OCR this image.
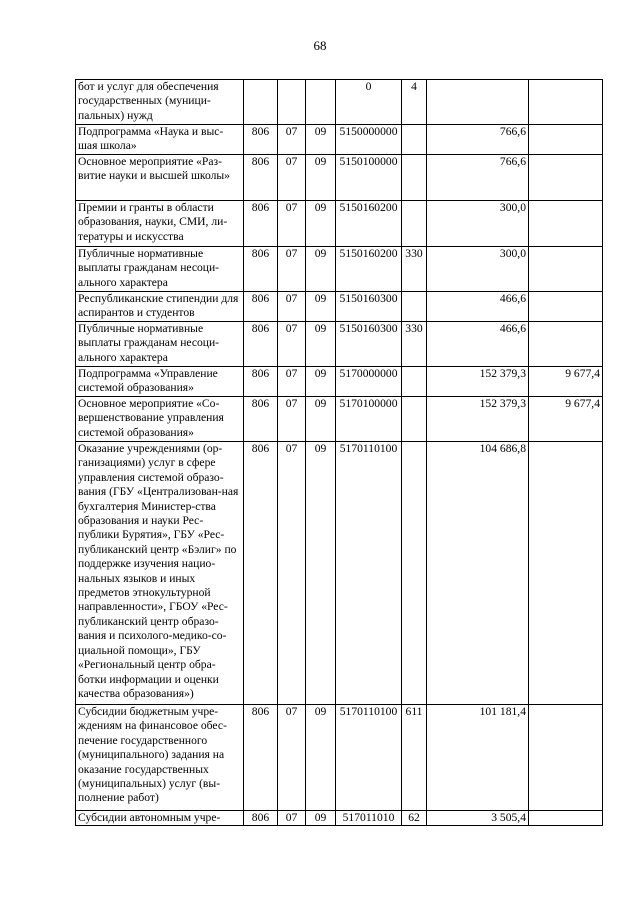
68
бот и услуг для обеспечения государственных (муници-пальных) нужд				0	4		
Подпрограмма «Наука и выс-шая школа»	806	07	09	5150000000		766,6	
Основное мероприятие «Раз-витие науки и высшей школы»	806	07	09	5150100000		766,6	
Премии и гранты в области образования, науки, СМИ, ли-тературы и искусства	806	07	09	5150160200		300,0	
Публичные нормативные выплаты гражданам несоци-ального характера	806	07	09	5150160200	330	300,0	
Республиканские стипендии для аспирантов и студентов	806	07	09	5150160300		466,6	
Публичные нормативные выплаты гражданам несоци-ального характера	806	07	09	5150160300	330	466,6	
Подпрограмма «Управление системой образования»	806	07	09	5170000000		152 379,3	9 677,4
Основное мероприятие «Со-вершенствование управления системой образования»	806	07	09	5170100000		152 379,3	9 677,4
Оказание учреждениями (ор-ганизациями) услуг в сфере управления системой образо-вания (ГБУ «Централизован-ная бухгалтерия Министер-ства образования и науки Рес-публики Бурятия», ГБУ «Рес-публиканский центр «Бэлиг» по поддержке изучения нацио-нальных языков и иных предметов этнокультурной направленности», ГБОУ «Рес-публиканский центр образо-вания и психолого-медико-со-циальной помощи», ГБУ «Региональный центр обра-ботки информации и оценки качества образования»)	806	07	09	5170110100		104 686,8	
Субсидии бюджетным учре-ждениям на финансовое обес-печение государственного (муниципального) задания на оказание государственных (муниципальных) услуг (вы-полнение работ)	806	07	09	5170110100	611	101 181,4	
Субсидии автономным учре-	806	07	09	517011010	62	3 505,4	
